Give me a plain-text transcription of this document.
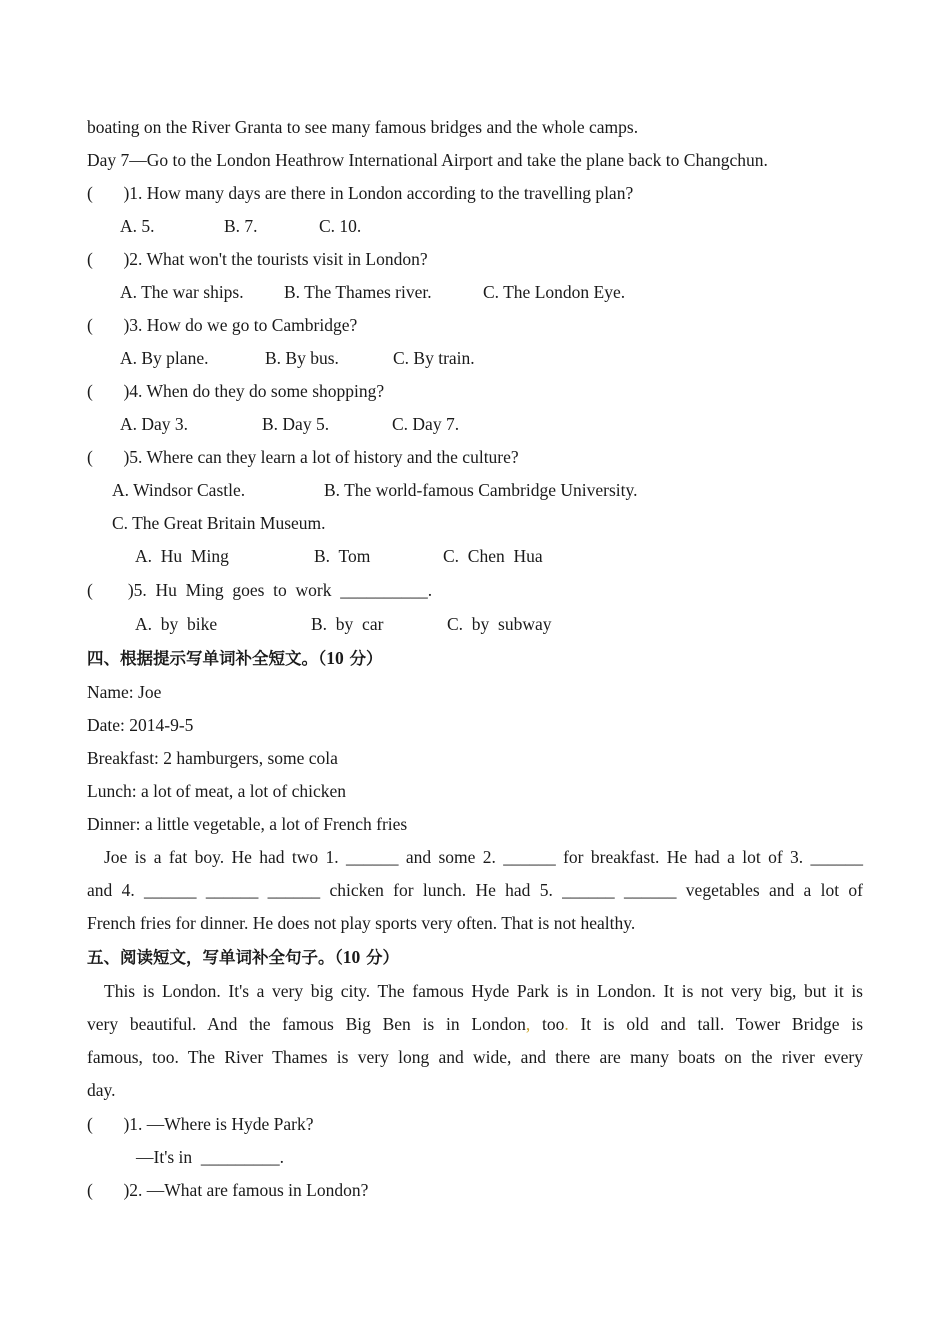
boating on the River Granta to see many famous bridges and the whole camps.
Day 7—Go to the London Heathrow International Airport and take the plane back to Changchun.
(       )1. How many days are there in London according to the travelling plan?
A. 5.	B. 7.	C. 10.
(       )2. What won't the tourists visit in London?
A. The war ships. B. The Thames river.	C. The London Eye.
(       )3. How do we go to Cambridge?
A. By plane.	B. By bus.	C. By train.
(       )4. When do they do some shopping?
A. Day 3.	B. Day 5.	C. Day 7.
(       )5. Where can they learn a lot of history and the culture?
A. Windsor Castle.	B. The world-famous Cambridge University.
C. The Great Britain Museum.
A.  Hu  Ming	B.  Tom	C.  Chen  Hua
(        )5.  Hu  Ming  goes  to  work  __________.
A.  by  bike	B.  by  car	C.  by  subway
四、根据提示写单词补全短文。（10 分）
Name: Joe
Date: 2014-9-5
Breakfast: 2 hamburgers, some cola
Lunch: a lot of meat, a lot of chicken
Dinner: a little vegetable, a lot of French fries
Joe is a fat boy. He had two 1. ______ and some 2. ______ for breakfast. He had a lot of 3. ______
and 4. ______ ______ ______ chicken for lunch. He had 5. ______ ______ vegetables and a lot of
French fries for dinner. He does not play sports very often. That is not healthy.
五、阅读短文，写单词补全句子。（10 分）
This is London. It's a very big city. The famous Hyde Park is in London. It is not very big, but it is
very beautiful. And the famous Big Ben is in London, too. It is old and tall. Tower Bridge is
famous, too. The River Thames is very long and wide, and there are many boats on the river every
day.
(       )1. —Where is Hyde Park?
—It's in  _________.
(       )2. —What are famous in London?
